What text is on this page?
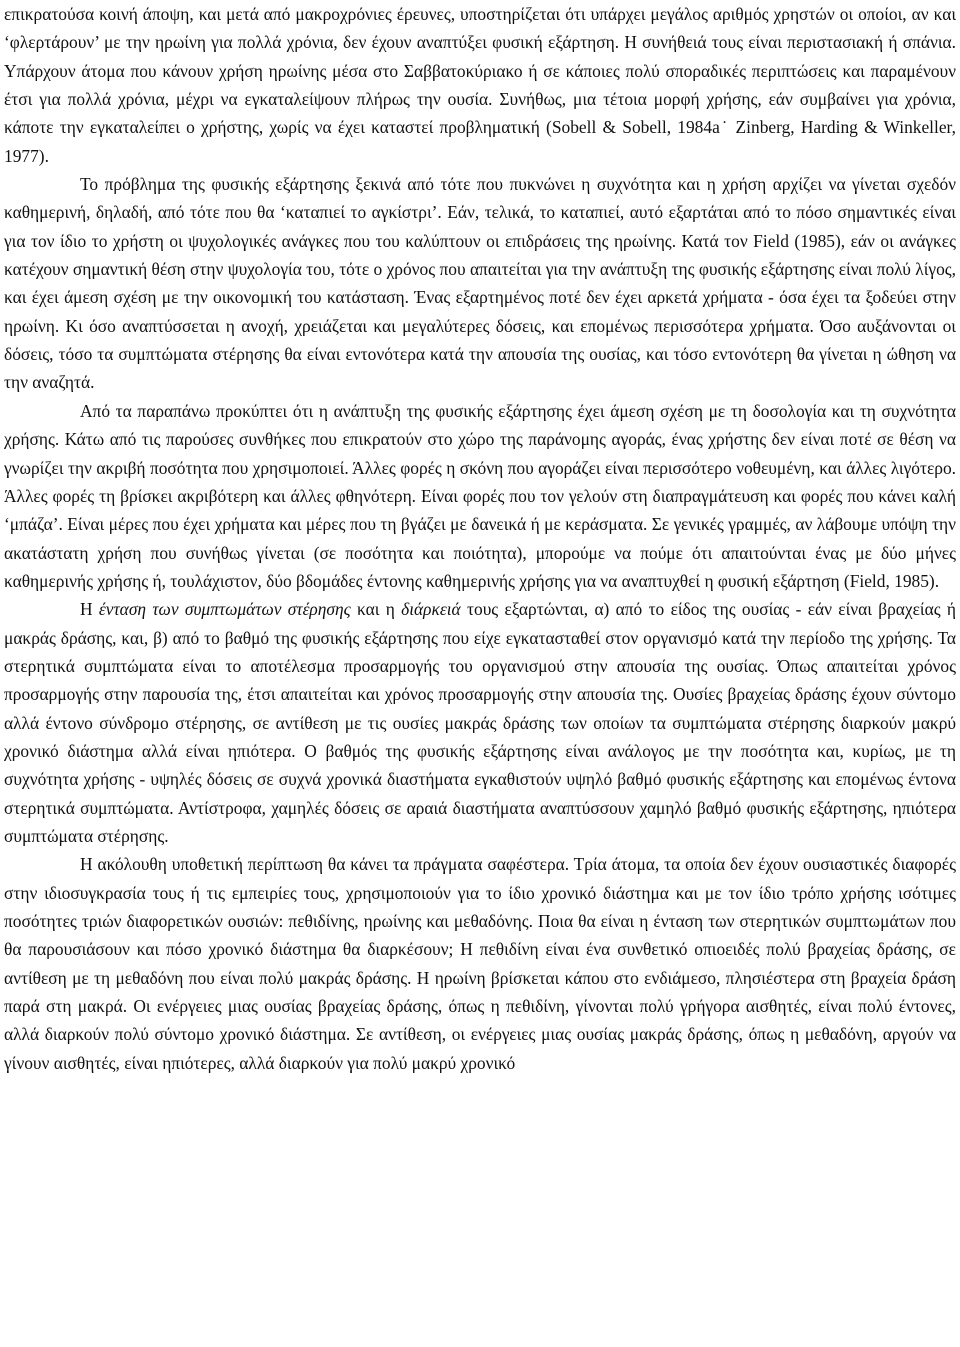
επικρατούσα κοινή άποψη, και μετά από μακροχρόνιες έρευνες, υποστηρίζεται ότι υπάρχει μεγάλος αριθμός χρηστών οι οποίοι, αν και ‘φλερτάρουν’ με την ηρωίνη για πολλά χρόνια, δεν έχουν αναπτύξει φυσική εξάρτηση. Η συνήθειά τους είναι περιστασιακή ή σπάνια. Υπάρχουν άτομα που κάνουν χρήση ηρωίνης μέσα στο Σαββατοκύριακο ή σε κάποιες πολύ σποραδικές περιπτώσεις και παραμένουν έτσι για πολλά χρόνια, μέχρι να εγκαταλείψουν πλήρως την ουσία. Συνήθως, μια τέτοια μορφή χρήσης, εάν συμβαίνει για χρόνια, κάποτε την εγκαταλείπει ο χρήστης, χωρίς να έχει καταστεί προβληματική (Sobell & Sobell, 1984a˙ Zinberg, Harding & Winkeller, 1977).

Το πρόβλημα της φυσικής εξάρτησης ξεκινά από τότε που πυκνώνει η συχνότητα και η χρήση αρχίζει να γίνεται σχεδόν καθημερινή, δηλαδή, από τότε που θα ‘καταπιεί το αγκίστρι’. Εάν, τελικά, το καταπιεί, αυτό εξαρτάται από το πόσο σημαντικές είναι για τον ίδιο το χρήστη οι ψυχολογικές ανάγκες που του καλύπτουν οι επιδράσεις της ηρωίνης. Κατά τον Field (1985), εάν οι ανάγκες κατέχουν σημαντική θέση στην ψυχολογία του, τότε ο χρόνος που απαιτείται για την ανάπτυξη της φυσικής εξάρτησης είναι πολύ λίγος, και έχει άμεση σχέση με την οικονομική του κατάσταση. Ένας εξαρτημένος ποτέ δεν έχει αρκετά χρήματα - όσα έχει τα ξοδεύει στην ηρωίνη. Κι όσο αναπτύσσεται η ανοχή, χρειάζεται και μεγαλύτερες δόσεις, και επομένως περισσότερα χρήματα. Όσο αυξάνονται οι δόσεις, τόσο τα συμπτώματα στέρησης θα είναι εντονότερα κατά την απουσία της ουσίας, και τόσο εντονότερη θα γίνεται η ώθηση να την αναζητά.

Από τα παραπάνω προκύπτει ότι η ανάπτυξη της φυσικής εξάρτησης έχει άμεση σχέση με τη δοσολογία και τη συχνότητα χρήσης. Κάτω από τις παρούσες συνθήκες που επικρατούν στο χώρο της παράνομης αγοράς, ένας χρήστης δεν είναι ποτέ σε θέση να γνωρίζει την ακριβή ποσότητα που χρησιμοποιεί. Άλλες φορές η σκόνη που αγοράζει είναι περισσότερο νοθευμένη, και άλλες λιγότερο. Άλλες φορές τη βρίσκει ακριβότερη και άλλες φθηνότερη. Είναι φορές που τον γελούν στη διαπραγμάτευση και φορές που κάνει καλή ‘μπάζα’. Είναι μέρες που έχει χρήματα και μέρες που τη βγάζει με δανεικά ή με κεράσματα. Σε γενικές γραμμές, αν λάβουμε υπόψη την ακατάστατη χρήση που συνήθως γίνεται (σε ποσότητα και ποιότητα), μπορούμε να πούμε ότι απαιτούνται ένας με δύο μήνες καθημερινής χρήσης ή, τουλάχιστον, δύο βδομάδες έντονης καθημερινής χρήσης για να αναπτυχθεί η φυσική εξάρτηση (Field, 1985).

Η ένταση των συμπτωμάτων στέρησης και η διάρκειά τους εξαρτώνται, α) από το είδος της ουσίας - εάν είναι βραχείας ή μακράς δράσης, και, β) από το βαθμό της φυσικής εξάρτησης που είχε εγκατασταθεί στον οργανισμό κατά την περίοδο της χρήσης. Τα στερητικά συμπτώματα είναι το αποτέλεσμα προσαρμογής του οργανισμού στην απουσία της ουσίας. Όπως απαιτείται χρόνος προσαρμογής στην παρουσία της, έτσι απαιτείται και χρόνος προσαρμογής στην απουσία της. Ουσίες βραχείας δράσης έχουν σύντομο αλλά έντονο σύνδρομο στέρησης, σε αντίθεση με τις ουσίες μακράς δράσης των οποίων τα συμπτώματα στέρησης διαρκούν μακρύ χρονικό διάστημα αλλά είναι ηπιότερα. Ο βαθμός της φυσικής εξάρτησης είναι ανάλογος με την ποσότητα και, κυρίως, με τη συχνότητα χρήσης - υψηλές δόσεις σε συχνά χρονικά διαστήματα εγκαθιστούν υψηλό βαθμό φυσικής εξάρτησης και επομένως έντονα στερητικά συμπτώματα. Αντίστροφα, χαμηλές δόσεις σε αραιά διαστήματα αναπτύσσουν χαμηλό βαθμό φυσικής εξάρτησης, ηπιότερα συμπτώματα στέρησης.

Η ακόλουθη υποθετική περίπτωση θα κάνει τα πράγματα σαφέστερα. Τρία άτομα, τα οποία δεν έχουν ουσιαστικές διαφορές στην ιδιοσυγκρασία τους ή τις εμπειρίες τους, χρησιμοποιούν για το ίδιο χρονικό διάστημα και με τον ίδιο τρόπο χρήσης ισότιμες ποσότητες τριών διαφορετικών ουσιών: πεθιδίνης, ηρωίνης και μεθαδόνης. Ποια θα είναι η ένταση των στερητικών συμπτωμάτων που θα παρουσιάσουν και πόσο χρονικό διάστημα θα διαρκέσουν; Η πεθιδίνη είναι ένα συνθετικό οπιοειδές πολύ βραχείας δράσης, σε αντίθεση με τη μεθαδόνη που είναι πολύ μακράς δράσης. Η ηρωίνη βρίσκεται κάπου στο ενδιάμεσο, πλησιέστερα στη βραχεία δράση παρά στη μακρά. Οι ενέργειες μιας ουσίας βραχείας δράσης, όπως η πεθιδίνη, γίνονται πολύ γρήγορα αισθητές, είναι πολύ έντονες, αλλά διαρκούν πολύ σύντομο χρονικό διάστημα. Σε αντίθεση, οι ενέργειες μιας ουσίας μακράς δράσης, όπως η μεθαδόνη, αργούν να γίνουν αισθητές, είναι ηπιότερες, αλλά διαρκούν για πολύ μακρύ χρονικό
